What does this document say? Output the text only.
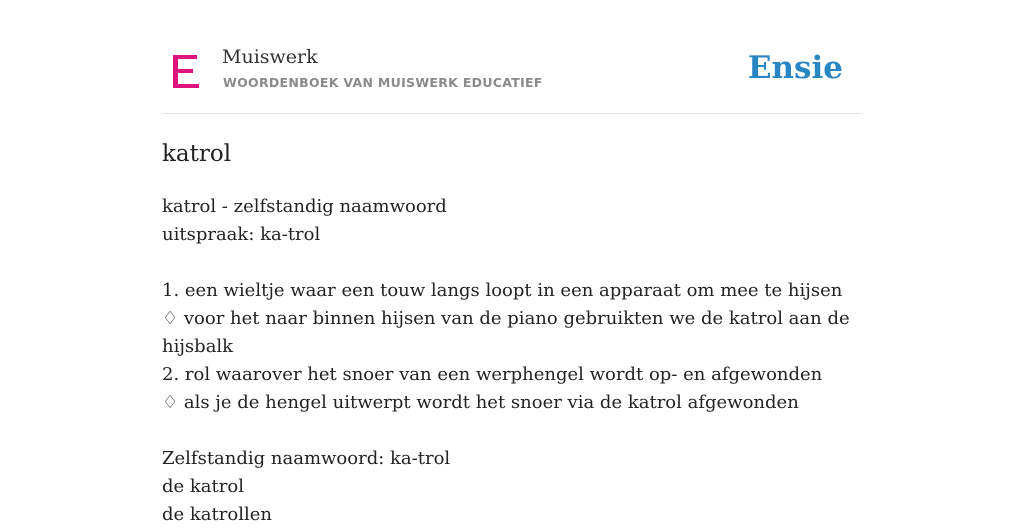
Muiswerk
WOORDENBOEK VAN MUISWERK EDUCATIEF	Ensie
katrol
katrol - zelfstandig naamwoord
uitspraak: ka-trol
1. een wieltje waar een touw langs loopt in een apparaat om mee te hijsen
♢ voor het naar binnen hijsen van de piano gebruikten we de katrol aan de hijsbalk
2. rol waarover het snoer van een werphengel wordt op- en afgewonden
♢ als je de hengel uitwerpt wordt het snoer via de katrol afgewonden
Zelfstandig naamwoord: ka-trol
de katrol
de katrollen
